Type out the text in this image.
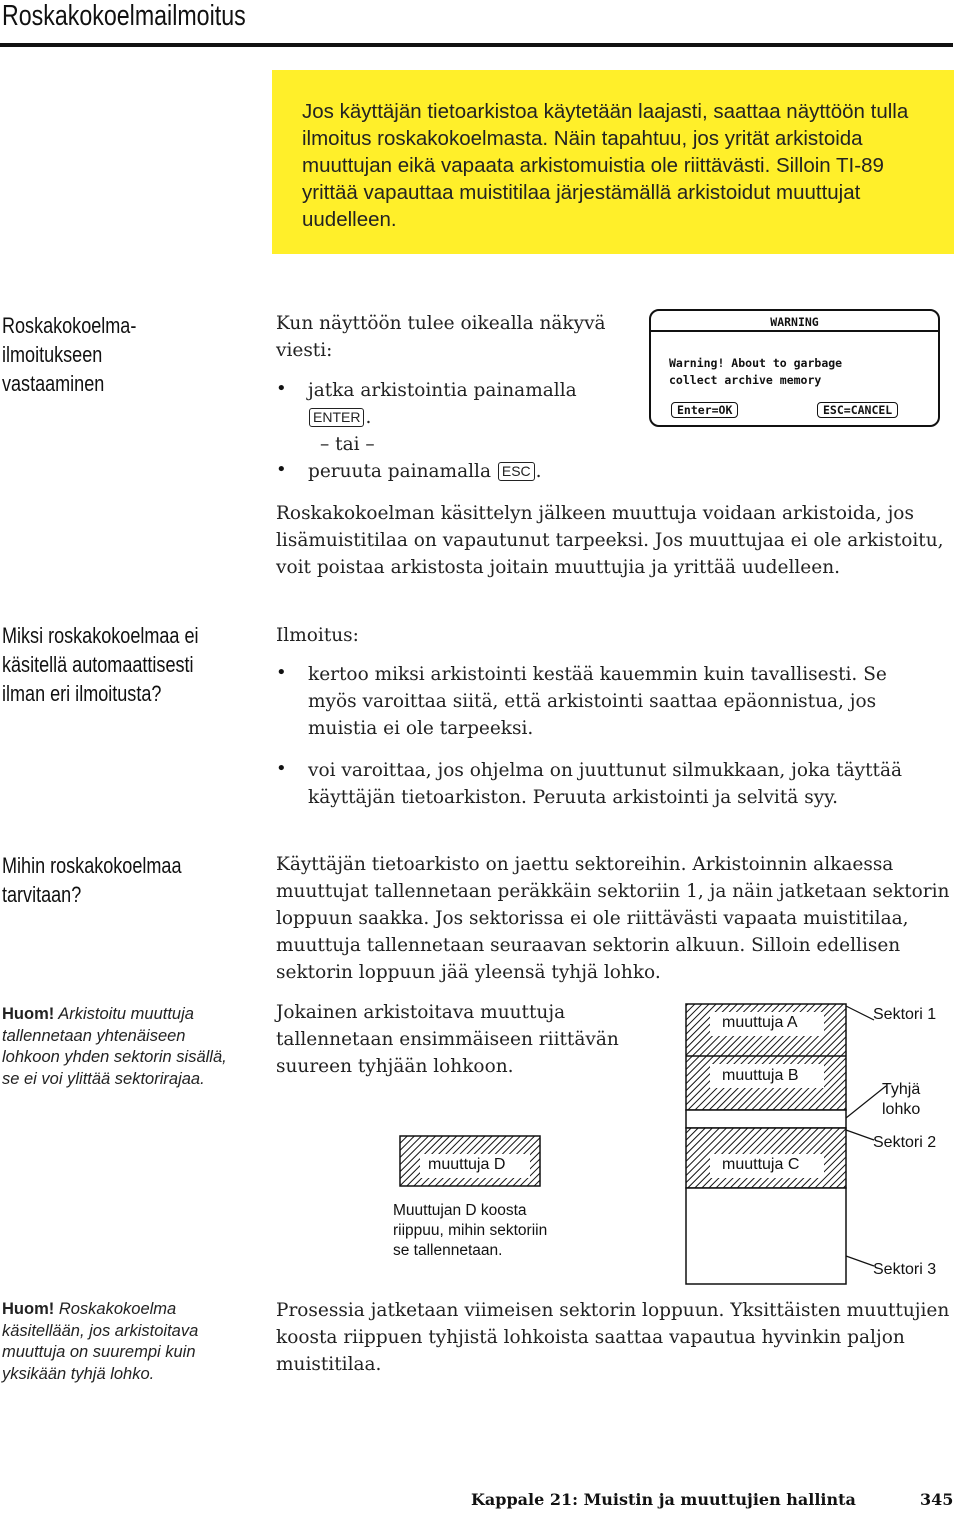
Roskakokoelmailmoitus

Jos käyttäjän tietoarkistoa käytetään laajasti, saattaa näyttöön tulla ilmoitus roskakokoelmasta. Näin tapahtuu, jos yrität arkistoida muuttujan eikä vapaata arkistomuistia ole riittävästi. Silloin TI-89 yrittää vapauttaa muistitilaa järjestämällä arkistoidut muuttujat uudelleen.

Roskakokoelma-
ilmoitukseen
vastaaminen
Kun näyttöön tulee oikealla näkyvä viesti:
• jatka arkistointia painamalla ENTER .
– tai –
• peruuta painamalla ESC .
WARNING
Warning! About to garbage
collect archive memory
Enter=OK	ESC=CANCEL
Roskakokoelman käsittelyn jälkeen muuttuja voidaan arkistoida, jos lisämuistitilaa on vapautunut tarpeeksi. Jos muuttujaa ei ole arkistoitu, voit poistaa arkistosta joitain muuttujia ja yrittää uudelleen.
Miksi roskakokoelmaa ei
käsitellä automaattisesti
ilman eri ilmoitusta?
Ilmoitus:
• kertoo miksi arkistointi kestää kauemmin kuin tavallisesti. Se myös varoittaa siitä, että arkistointi saattaa epäonnistua, jos muistia ei ole tarpeeksi.
• voi varoittaa, jos ohjelma on juuttunut silmukkaan, joka täyttää käyttäjän tietoarkiston. Peruuta arkistointi ja selvitä syy.
Mihin roskakokoelmaa
tarvitaan?
Käyttäjän tietoarkisto on jaettu sektoreihin. Arkistoinnin alkaessa muuttujat tallennetaan peräkkäin sektoriin 1, ja näin jatketaan sektorin loppuun saakka. Jos sektorissa ei ole riittävästi vapaata muistitilaa, muuttuja tallennetaan seuraavan sektorin alkuun. Silloin edellisen sektorin loppuun jää yleensä tyhjä lohko.
Huom! Arkistoitu muuttuja tallennetaan yhtenäiseen lohkoon yhden sektorin sisällä, se ei voi ylittää sektorirajaa.
Jokainen arkistoitava muuttuja tallennetaan ensimmäiseen riittävän suureen tyhjään lohkoon.
muuttuja A
muuttuja B
muuttuja C
muuttuja D
Sektori 1
Tyhjä
lohko
Sektori 2
Sektori 3
Muuttujan D koosta
riippuu, mihin sektoriin
se tallennetaan.
Huom! Roskakokoelma käsitellään, jos arkistoitava muuttuja on suurempi kuin yksikään tyhjä lohko.
Prosessia jatketaan viimeisen sektorin loppuun. Yksittäisten muuttujien koosta riippuen tyhjistä lohkoista saattaa vapautua hyvinkin paljon muistitilaa.
Kappale 21: Muistin ja muuttujien hallinta	345
